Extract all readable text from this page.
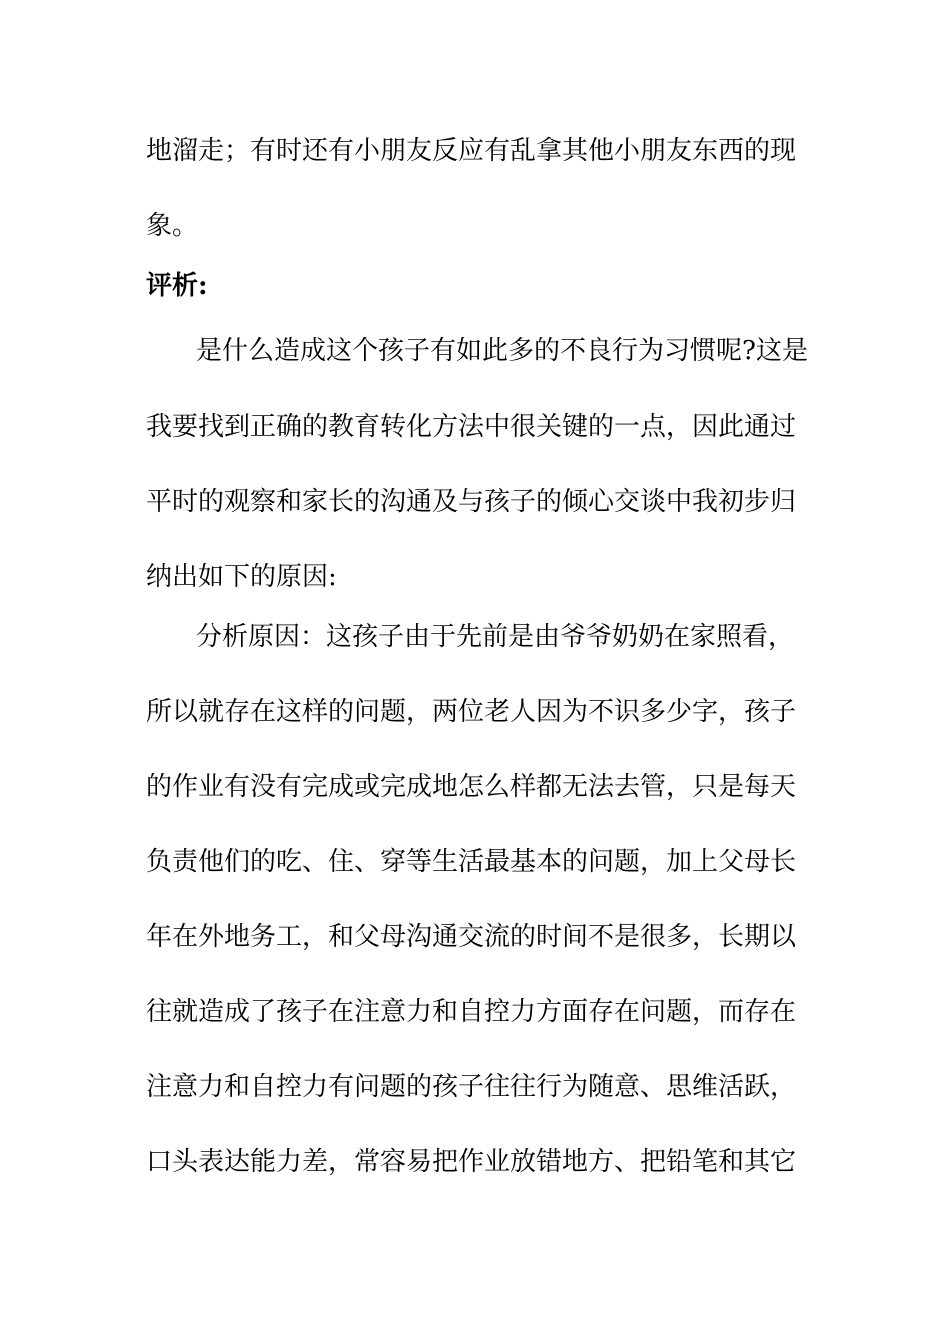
地溜走；有时还有小朋友反应有乱拿其他小朋友东西的现
象。
评析:
是什么造成这个孩子有如此多的不良行为习惯呢?这是
我要找到正确的教育转化方法中很关键的一点，因此通过
平时的观察和家长的沟通及与孩子的倾心交谈中我初步归
纳出如下的原因:
分析原因：这孩子由于先前是由爷爷奶奶在家照看，
所以就存在这样的问题，两位老人因为不识多少字，孩子
的作业有没有完成或完成地怎么样都无法去管，只是每天
负责他们的吃、住、穿等生活最基本的问题，加上父母长
年在外地务工，和父母沟通交流的时间不是很多，长期以
往就造成了孩子在注意力和自控力方面存在问题，而存在
注意力和自控力有问题的孩子往往行为随意、思维活跃，
口头表达能力差，常容易把作业放错地方、把铅笔和其它
